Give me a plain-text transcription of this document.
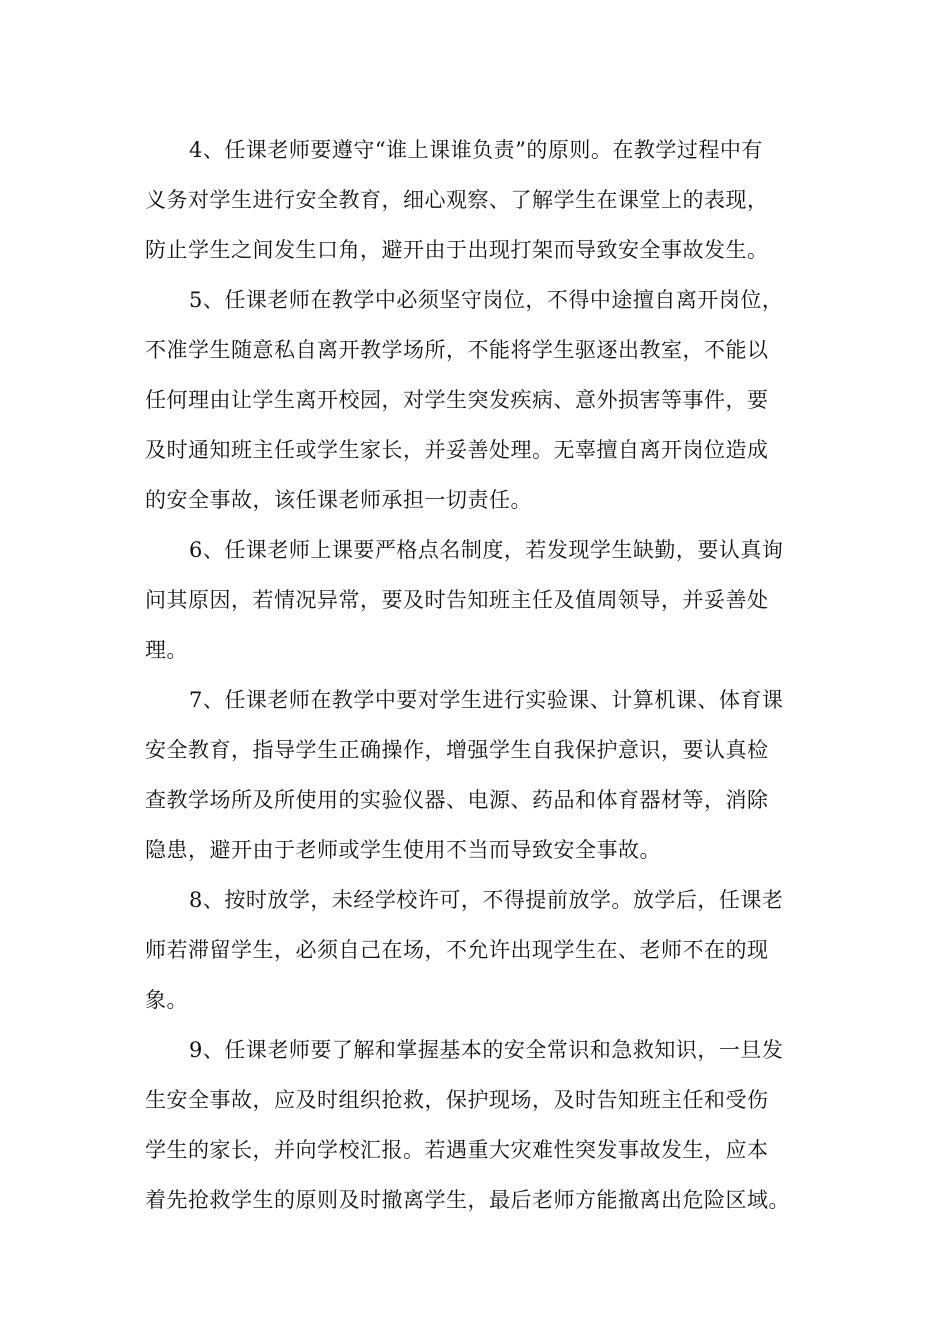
4、任课老师要遵守“谁上课谁负责”的原则。在教学过程中有
义务对学生进行安全教育，细心观察、了解学生在课堂上的表现，
防止学生之间发生口角，避开由于出现打架而导致安全事故发生。
5、任课老师在教学中必须坚守岗位，不得中途擅自离开岗位，
不准学生随意私自离开教学场所，不能将学生驱逐出教室，不能以
任何理由让学生离开校园，对学生突发疾病、意外损害等事件，要
及时通知班主任或学生家长，并妥善处理。无辜擅自离开岗位造成
的安全事故，该任课老师承担一切责任。
6、任课老师上课要严格点名制度，若发现学生缺勤，要认真询
问其原因，若情况异常，要及时告知班主任及值周领导，并妥善处
理。
7、任课老师在教学中要对学生进行实验课、计算机课、体育课
安全教育，指导学生正确操作，增强学生自我保护意识，要认真检
查教学场所及所使用的实验仪器、电源、药品和体育器材等，消除
隐患，避开由于老师或学生使用不当而导致安全事故。
8、按时放学，未经学校许可，不得提前放学。放学后，任课老
师若滞留学生，必须自己在场，不允许出现学生在、老师不在的现
象。
9、任课老师要了解和掌握基本的安全常识和急救知识，一旦发
生安全事故，应及时组织抢救，保护现场，及时告知班主任和受伤
学生的家长，并向学校汇报。若遇重大灾难性突发事故发生，应本
着先抢救学生的原则及时撤离学生，最后老师方能撤离出危险区域。
